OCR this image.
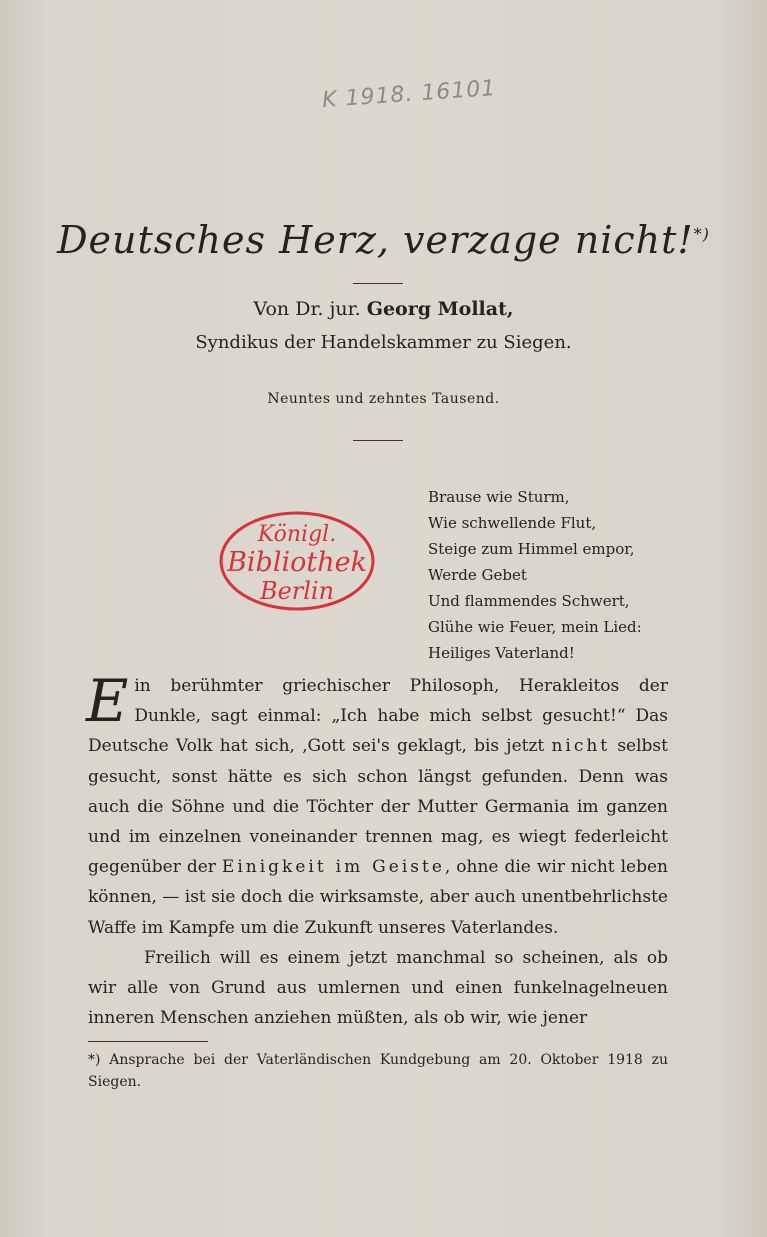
K 1918. 16101
Deutsches Herz, verzage nicht!*)
Von Dr. jur. Georg Mollat,
Syndikus der Handelskammer zu Siegen.
Neuntes und zehntes Tausend.
Königl.
Bibliothek
Berlin
Brause wie Sturm,
Wie schwellende Flut,
Steige zum Himmel empor,
Werde Gebet
Und flammendes Schwert,
Glühe wie Feuer, mein Lied:
Heiliges Vaterland!

Ein berühmter griechischer Philosoph, Herakleitos der Dunkle, sagt einmal: „Ich habe mich selbst gesucht!“ Das Deutsche Volk hat sich, ‚Gott sei's geklagt, bis jetzt nicht selbst gesucht, sonst hätte es sich schon längst gefunden. Denn was auch die Söhne und die Töchter der Mutter Germania im ganzen und im einzelnen voneinander trennen mag, es wiegt federleicht gegenüber der Einigkeit im Geiste, ohne die wir nicht leben können, — ist sie doch die wirksamste, aber auch unentbehrlichste Waffe im Kampfe um die Zukunft unseres Vaterlandes.

Freilich will es einem jetzt manchmal so scheinen, als ob wir alle von Grund aus umlernen und einen funkelnagelneuen inneren Menschen anziehen müßten, als ob wir, wie jener

*) Ansprache bei der Vaterländischen Kundgebung am 20. Oktober 1918 zu Siegen.
